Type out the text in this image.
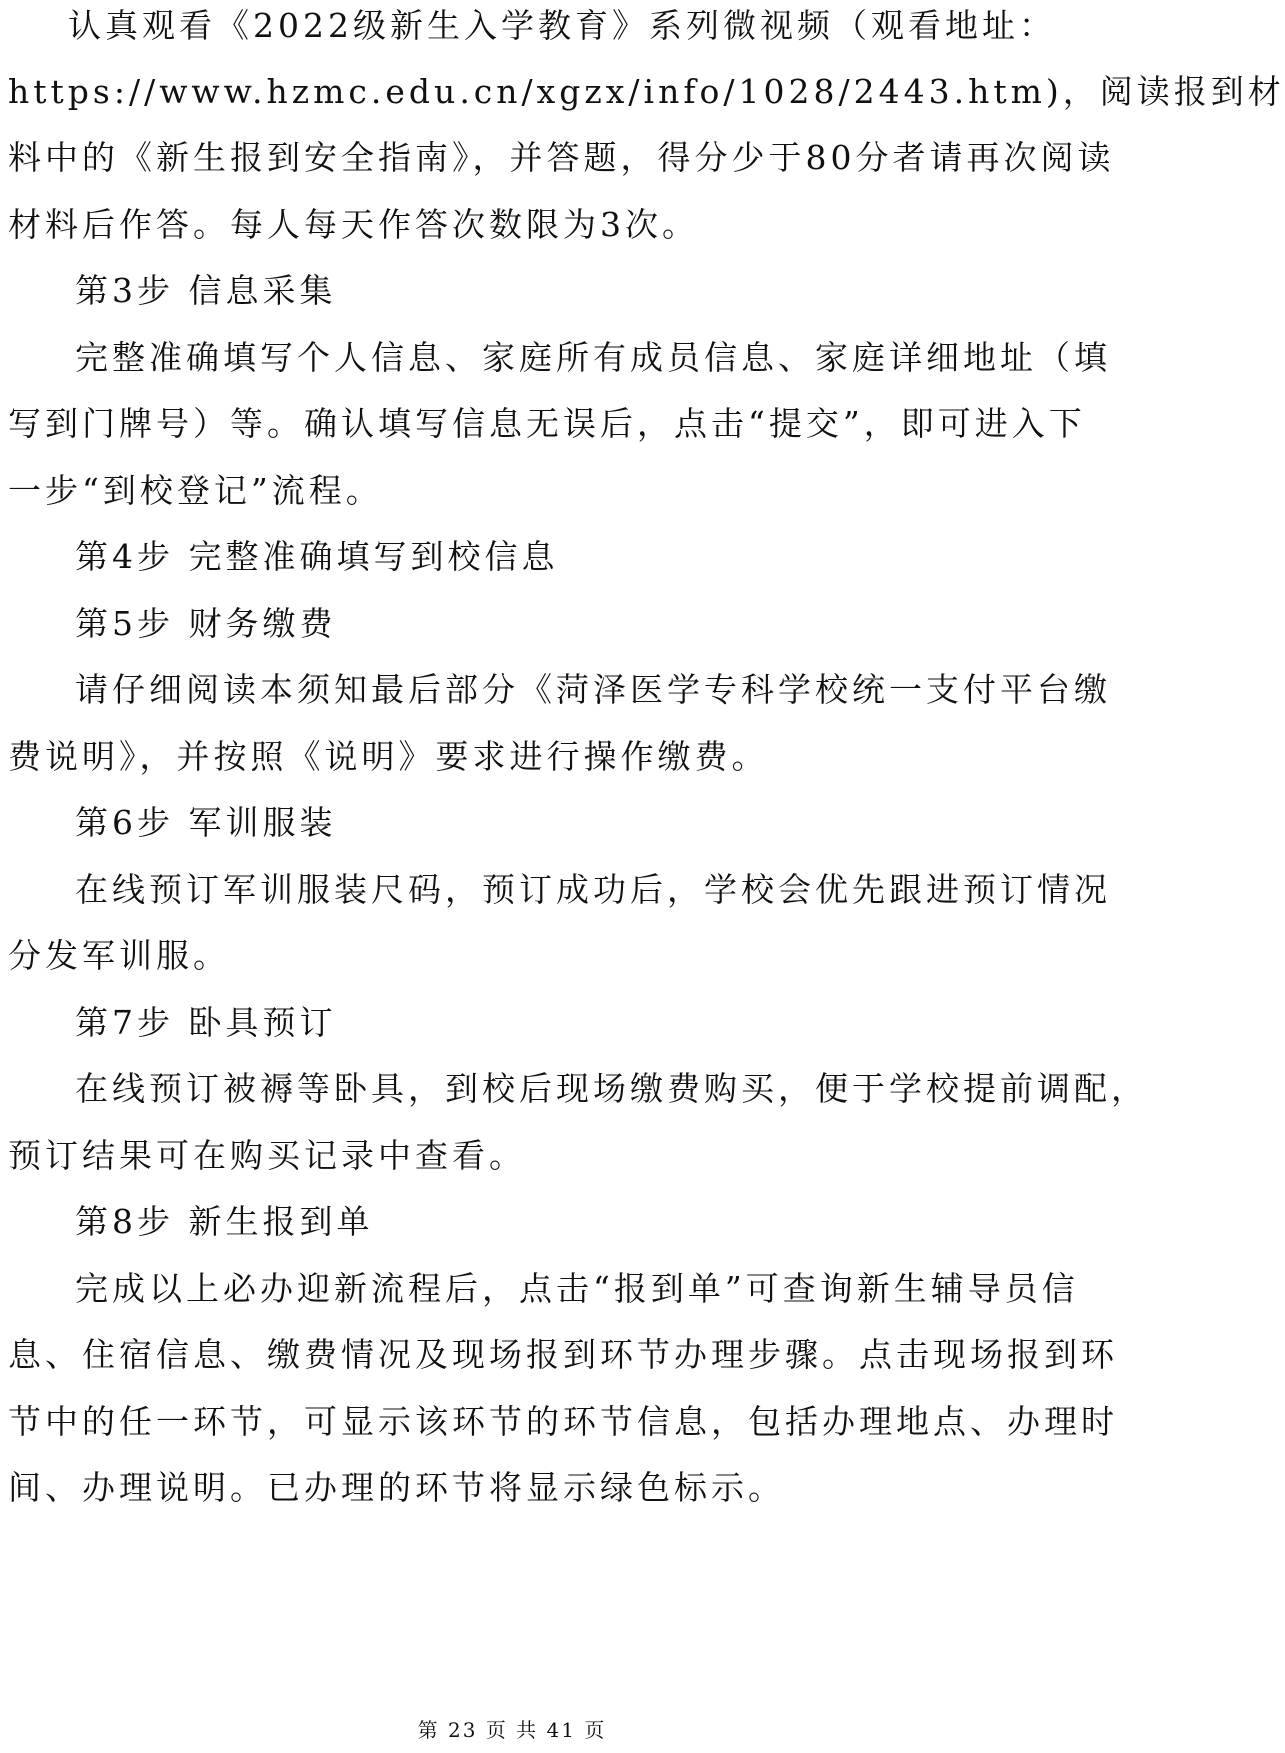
认真观看《2022级新生入学教育》系列微视频（观看地址：
https://www.hzmc.edu.cn/xgzx/info/1028/2443.htm)，阅读报到材
料中的《新生报到安全指南》，并答题，得分少于80分者请再次阅读
材料后作答。每人每天作答次数限为3次。
第3步 信息采集
完整准确填写个人信息、家庭所有成员信息、家庭详细地址（填
写到门牌号）等。确认填写信息无误后，点击“提交”，即可进入下
一步“到校登记”流程。
第4步 完整准确填写到校信息
第5步 财务缴费
请仔细阅读本须知最后部分《菏泽医学专科学校统一支付平台缴
费说明》，并按照《说明》要求进行操作缴费。
第6步 军训服装
在线预订军训服装尺码，预订成功后，学校会优先跟进预订情况
分发军训服。
第7步 卧具预订
在线预订被褥等卧具，到校后现场缴费购买，便于学校提前调配，
预订结果可在购买记录中查看。
第8步 新生报到单
完成以上必办迎新流程后，点击“报到单”可查询新生辅导员信
息、住宿信息、缴费情况及现场报到环节办理步骤。点击现场报到环
节中的任一环节，可显示该环节的环节信息，包括办理地点、办理时
间、办理说明。已办理的环节将显示绿色标示。
第 23 页 共 41 页
